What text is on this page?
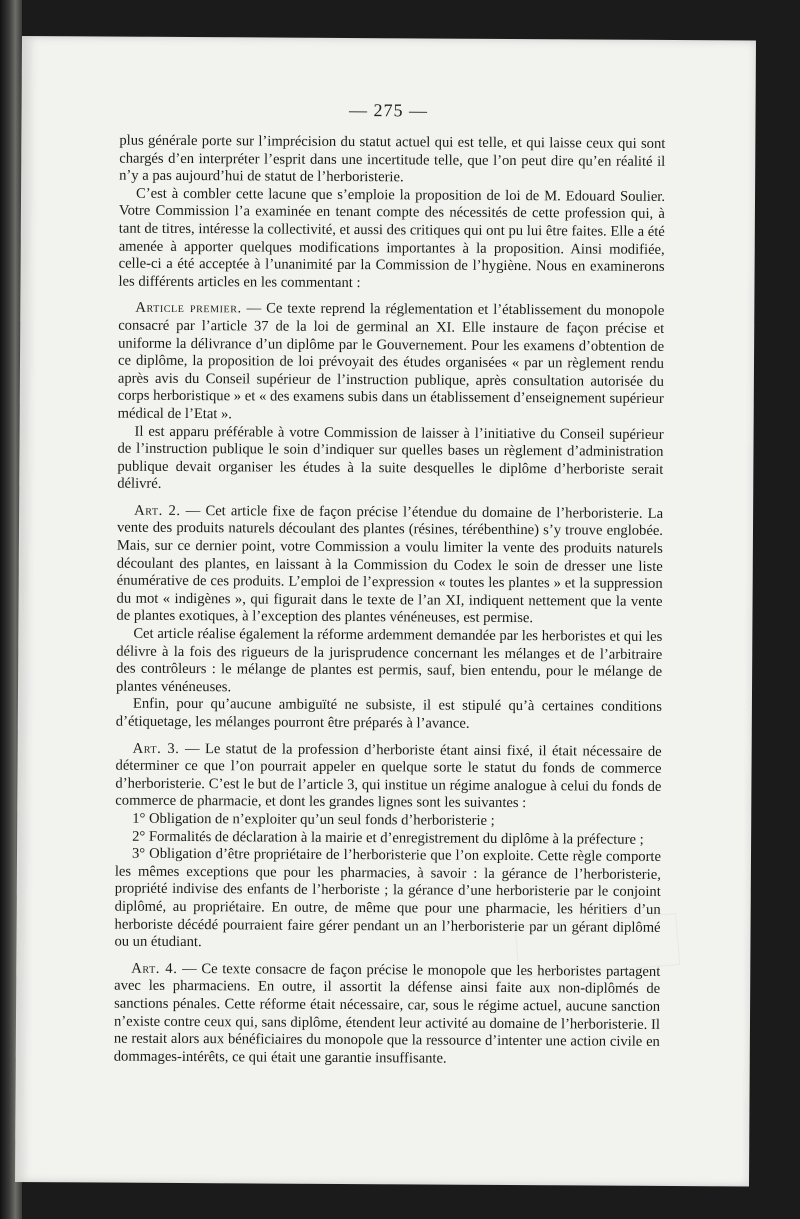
— 275 —

plus générale porte sur l’imprécision du statut actuel qui est telle, et qui laisse ceux qui sont chargés d’en interpréter l’esprit dans une incertitude telle, que l’on peut dire qu’en réalité il n’y a pas aujourd’hui de statut de l’herboristerie.

C’est à combler cette lacune que s’emploie la proposition de loi de M. Edouard Soulier. Votre Commission l’a examinée en tenant compte des nécessités de cette profession qui, à tant de titres, intéresse la collectivité, et aussi des critiques qui ont pu lui être faites. Elle a été amenée à apporter quelques modifications importantes à la proposition. Ainsi modifiée, celle-ci a été acceptée à l’unanimité par la Commission de l’hygiène. Nous en examinerons les différents articles en les commentant :

Article premier. — Ce texte reprend la réglementation et l’établissement du monopole consacré par l’article 37 de la loi de germinal an XI. Elle instaure de façon précise et uniforme la délivrance d’un diplôme par le Gouvernement. Pour les examens d’obtention de ce diplôme, la proposition de loi prévoyait des études organisées « par un règlement rendu après avis du Conseil supérieur de l’instruction publique, après consultation autorisée du corps herboristique » et « des examens subis dans un établissement d’enseignement supérieur médical de l’Etat ».

Il est apparu préférable à votre Commission de laisser à l’initiative du Conseil supérieur de l’instruction publique le soin d’indiquer sur quelles bases un règlement d’administration publique devait organiser les études à la suite desquelles le diplôme d’herboriste serait délivré.

Art. 2. — Cet article fixe de façon précise l’étendue du domaine de l’herboristerie. La vente des produits naturels découlant des plantes (résines, térébenthine) s’y trouve englobée. Mais, sur ce dernier point, votre Commission a voulu limiter la vente des produits naturels découlant des plantes, en laissant à la Commission du Codex le soin de dresser une liste énumérative de ces produits. L’emploi de l’expression « toutes les plantes » et la suppression du mot « indigènes », qui figurait dans le texte de l’an XI, indiquent nettement que la vente de plantes exotiques, à l’exception des plantes vénéneuses, est permise.

Cet article réalise également la réforme ardemment demandée par les herboristes et qui les délivre à la fois des rigueurs de la jurisprudence concernant les mélanges et de l’arbitraire des contrôleurs : le mélange de plantes est permis, sauf, bien entendu, pour le mélange de plantes vénéneuses.

Enfin, pour qu’aucune ambiguïté ne subsiste, il est stipulé qu’à certaines conditions d’étiquetage, les mélanges pourront être préparés à l’avance.

Art. 3. — Le statut de la profession d’herboriste étant ainsi fixé, il était nécessaire de déterminer ce que l’on pourrait appeler en quelque sorte le statut du fonds de commerce d’herboristerie. C’est le but de l’article 3, qui institue un régime analogue à celui du fonds de commerce de pharmacie, et dont les grandes lignes sont les suivantes :

1° Obligation de n’exploiter qu’un seul fonds d’herboristerie ;

2° Formalités de déclaration à la mairie et d’enregistrement du diplôme à la préfecture ;

3° Obligation d’être propriétaire de l’herboristerie que l’on exploite. Cette règle comporte les mêmes exceptions que pour les pharmacies, à savoir : la gérance de l’herboristerie, propriété indivise des enfants de l’herboriste ; la gérance d’une herboristerie par le conjoint diplômé, au propriétaire. En outre, de même que pour une pharmacie, les héritiers d’un herboriste décédé pourraient faire gérer pendant un an l’herboristerie par un gérant diplômé ou un étudiant.

Art. 4. — Ce texte consacre de façon précise le monopole que les herboristes partagent avec les pharmaciens. En outre, il assortit la défense ainsi faite aux non-diplômés de sanctions pénales. Cette réforme était nécessaire, car, sous le régime actuel, aucune sanction n’existe contre ceux qui, sans diplôme, étendent leur activité au domaine de l’herboristerie. Il ne restait alors aux bénéficiaires du monopole que la ressource d’intenter une action civile en dommages-intérêts, ce qui était une garantie insuffisante.
